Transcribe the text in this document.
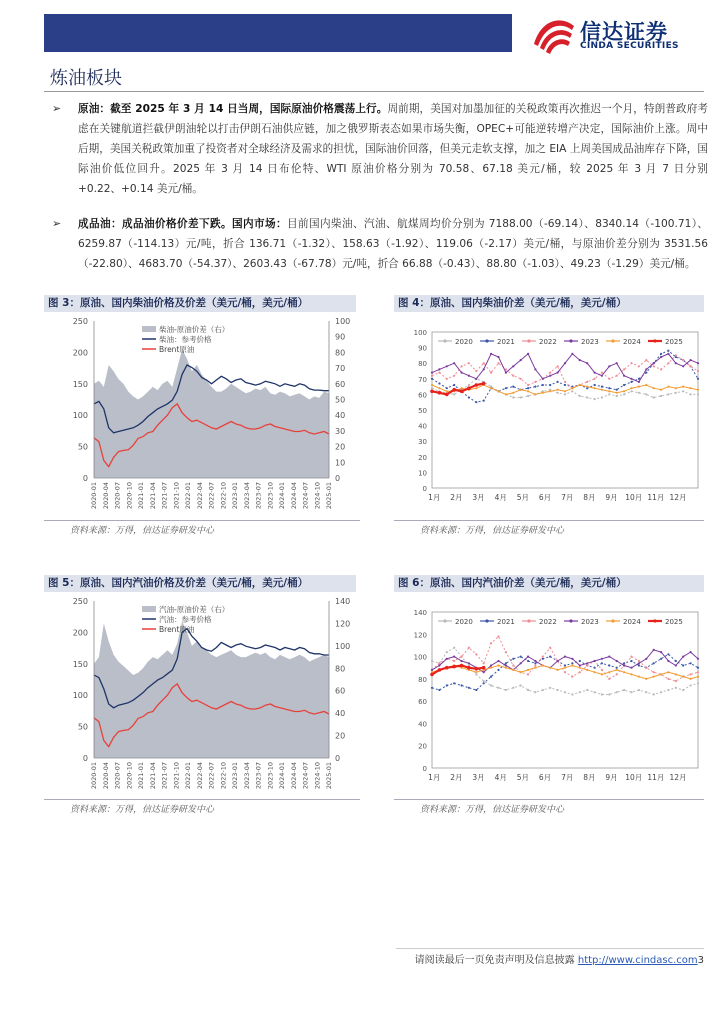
信达证券
CINDA SECURITIES
炼油板块
➢ 原油：截至 2025 年 3 月 14 日当周，国际原油价格震荡上行。周前期，美国对加墨加征的关税政策再次推迟一个月，特朗普政府考虑在关键航道拦截伊朗油轮以打击伊朗石油供应链，加之俄罗斯表态如果市场失衡，OPEC+可能逆转增产决定，国际油价上涨。周中后期，美国关税政策加重了投资者对全球经济及需求的担忧，国际油价回落，但美元走软支撑，加之 EIA 上周美国成品油库存下降，国际油价低位回升。2025 年 3 月 14 日布伦特、WTI 原油价格分别为 70.58、67.18 美元/桶，较 2025 年 3 月 7 日分别+0.22、+0.14 美元/桶。
➢ 成品油：成品油价格价差下跌。国内市场：目前国内柴油、汽油、航煤周均价分别为 7188.00（-69.14）、8340.14（-100.71）、6259.87（-114.13）元/吨，折合 136.71（-1.32）、158.63（-1.92）、119.06（-2.17）美元/桶，与原油价差分别为 3531.56（-22.80）、4683.70（-54.37）、2603.43（-67.78）元/吨，折合 66.88（-0.43）、88.80（-1.03）、49.23（-1.29）美元/桶。
图 3：原油、国内柴油价格及价差（美元/桶，美元/桶）
0
50
100
150
200
250
0
10
20
30
40
50
60
70
80
90
100
2020-01 2020-04 2020-07 2020-10 2021-01 2021-04 2021-07 2021-10 2022-01 2022-04 2022-07 2022-10 2023-01 2023-04 2023-07 2023-10 2024-01 2024-04 2024-07 2024-10 2025-01
柴油-原油价差（右）
柴油：参考价格
Brent原油
资料来源：万得，信达证券研发中心
图 4：原油、国内柴油价差（美元/桶，美元/桶）
0
10
20
30
40
50
60
70
80
90
100
1月 2月 3月 4月 5月 6月 7月 8月 9月 10月 11月 12月
2020	2021	2022	2023	2024	2025
资料来源：万得，信达证券研发中心
图 5：原油、国内汽油价格及价差（美元/桶，美元/桶）
0
50
100
150
200
250
0
20
40
60
80
100
120
140
2020-01 2020-04 2020-07 2020-10 2021-01 2021-04 2021-07 2021-10 2022-01 2022-04 2022-07 2022-10 2023-01 2023-04 2023-07 2023-10 2024-01 2024-04 2024-07 2024-10 2025-01
汽油-原油价差（右）
汽油：参考价格
Brent原油
资料来源：万得，信达证券研发中心
图 6：原油、国内汽油价差（美元/桶，美元/桶）
0
20
40
60
80
100
120
140
1月 2月 3月 4月 5月 6月 7月 8月 9月 10月 11月 12月
2020	2021	2022	2023	2024	2025
资料来源：万得，信达证券研发中心
请阅读最后一页免责声明及信息披露 http://www.cindasc.com3
